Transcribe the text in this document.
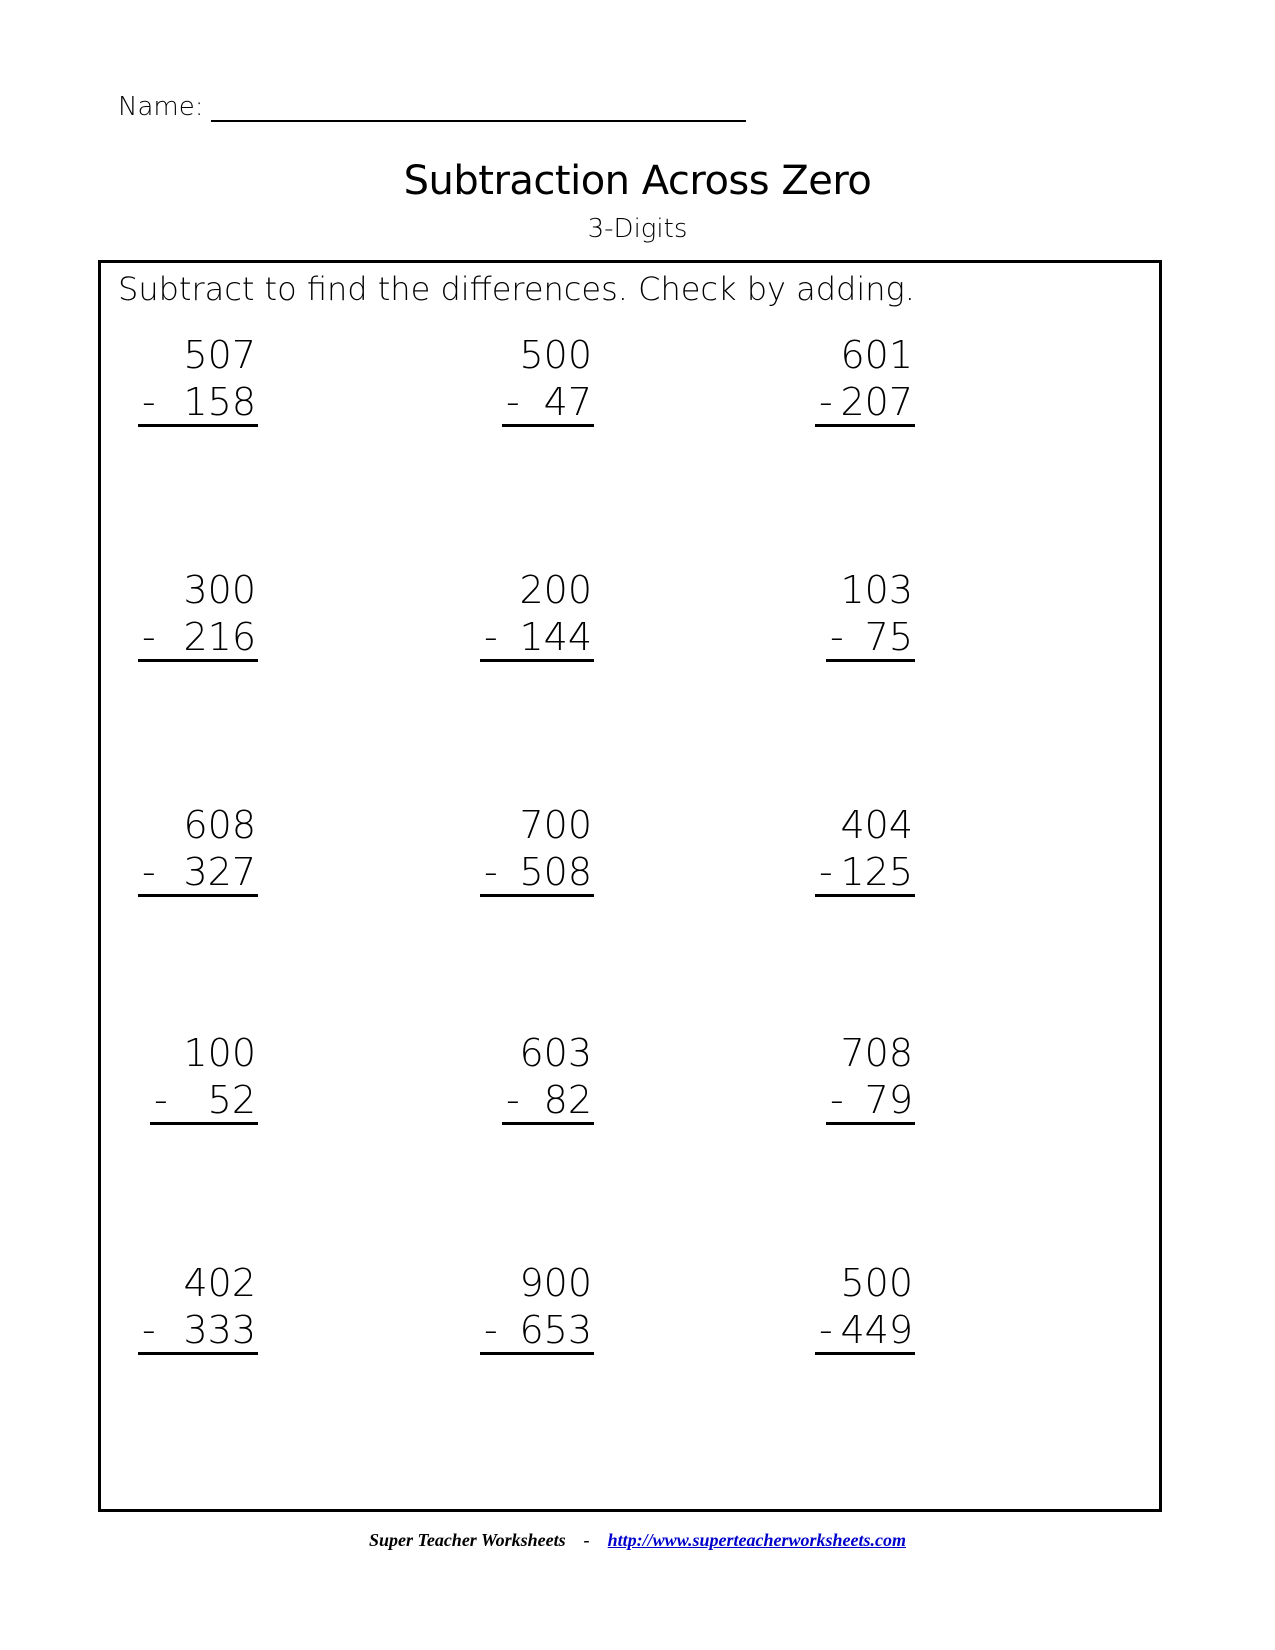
Name:
Subtraction Across Zero
3-Digits
Subtract to find the differences. Check by adding.
507
- 158
500
- 47
601
- 207
300
- 216
200
- 144
103
- 75
608
- 327
700
- 508
404
- 125
100
- 52
603
- 82
708
- 79
402
- 333
900
- 653
500
- 449
Super Teacher Worksheets - http://www.superteacherworksheets.com
